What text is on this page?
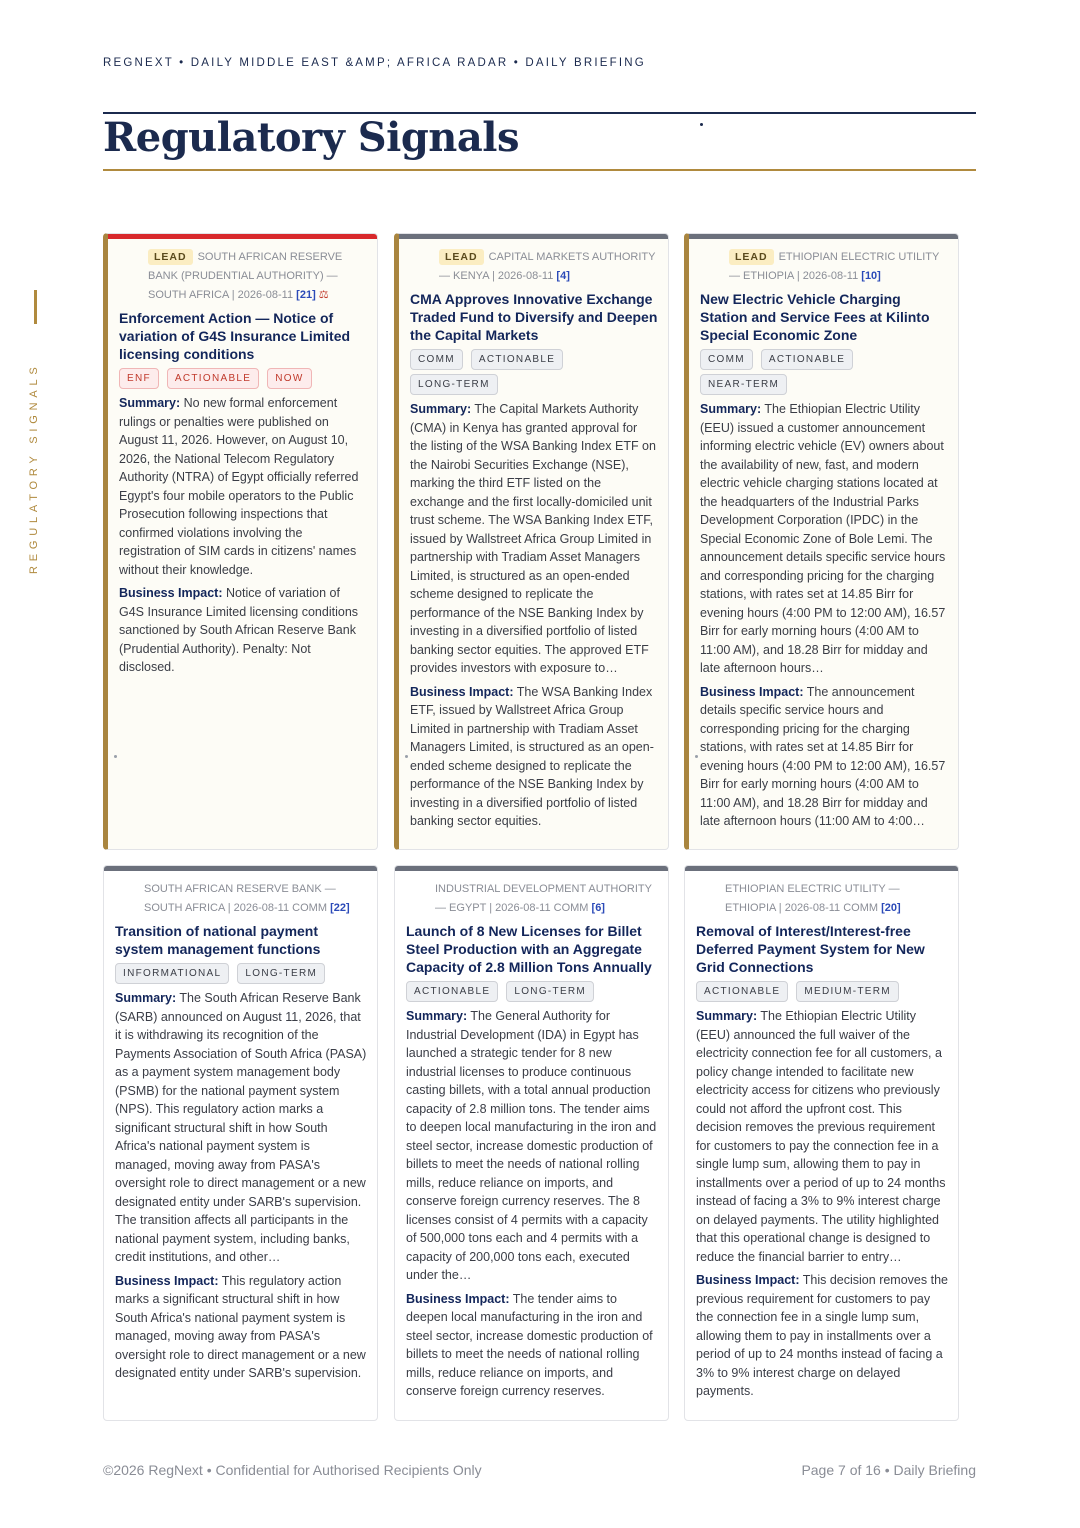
REGNEXT • DAILY MIDDLE EAST &AMP; AFRICA RADAR • DAILY BRIEFING
Regulatory Signals
REGULATORY SIGNALS
LEAD SOUTH AFRICAN RESERVE BANK (PRUDENTIAL AUTHORITY) — SOUTH AFRICA | 2026-08-11 [21] ⚖
Enforcement Action — Notice of variation of G4S Insurance Limited licensing conditions
ENF	ACTIONABLE	NOW
Summary: No new formal enforcement rulings or penalties were published on August 11, 2026. However, on August 10, 2026, the National Telecom Regulatory Authority (NTRA) of Egypt officially referred Egypt's four mobile operators to the Public Prosecution following inspections that confirmed violations involving the registration of SIM cards in citizens' names without their knowledge.
Business Impact: Notice of variation of G4S Insurance Limited licensing conditions sanctioned by South African Reserve Bank (Prudential Authority). Penalty: Not disclosed.
LEAD CAPITAL MARKETS AUTHORITY — KENYA | 2026-08-11 [4]
CMA Approves Innovative Exchange Traded Fund to Diversify and Deepen the Capital Markets
COMM	ACTIONABLE
LONG-TERM
Summary: The Capital Markets Authority (CMA) in Kenya has granted approval for the listing of the WSA Banking Index ETF on the Nairobi Securities Exchange (NSE), marking the third ETF listed on the exchange and the first locally-domiciled unit trust scheme. The WSA Banking Index ETF, issued by Wallstreet Africa Group Limited in partnership with Tradiam Asset Managers Limited, is structured as an open-ended scheme designed to replicate the performance of the NSE Banking Index by investing in a diversified portfolio of listed banking sector equities. The approved ETF provides investors with exposure to…
Business Impact: The WSA Banking Index ETF, issued by Wallstreet Africa Group Limited in partnership with Tradiam Asset Managers Limited, is structured as an open-ended scheme designed to replicate the performance of the NSE Banking Index by investing in a diversified portfolio of listed banking sector equities.
LEAD ETHIOPIAN ELECTRIC UTILITY — ETHIOPIA | 2026-08-11 [10]
New Electric Vehicle Charging Station and Service Fees at Kilinto Special Economic Zone
COMM	ACTIONABLE
NEAR-TERM
Summary: The Ethiopian Electric Utility (EEU) issued a customer announcement informing electric vehicle (EV) owners about the availability of new, fast, and modern electric vehicle charging stations located at the headquarters of the Industrial Parks Development Corporation (IPDC) in the Special Economic Zone of Bole Lemi. The announcement details specific service hours and corresponding pricing for the charging stations, with rates set at 14.85 Birr for evening hours (4:00 PM to 12:00 AM), 16.57 Birr for early morning hours (4:00 AM to 11:00 AM), and 18.28 Birr for midday and late afternoon hours…
Business Impact: The announcement details specific service hours and corresponding pricing for the charging stations, with rates set at 14.85 Birr for evening hours (4:00 PM to 12:00 AM), 16.57 Birr for early morning hours (4:00 AM to 11:00 AM), and 18.28 Birr for midday and late afternoon hours (11:00 AM to 4:00…
SOUTH AFRICAN RESERVE BANK — SOUTH AFRICA | 2026-08-11 COMM [22]
Transition of national payment system management functions
INFORMATIONAL	LONG-TERM
Summary: The South African Reserve Bank (SARB) announced on August 11, 2026, that it is withdrawing its recognition of the Payments Association of South Africa (PASA) as a payment system management body (PSMB) for the national payment system (NPS). This regulatory action marks a significant structural shift in how South Africa's national payment system is managed, moving away from PASA's oversight role to direct management or a new designated entity under SARB's supervision. The transition affects all participants in the national payment system, including banks, credit institutions, and other…
Business Impact: This regulatory action marks a significant structural shift in how South Africa's national payment system is managed, moving away from PASA's oversight role to direct management or a new designated entity under SARB's supervision.
INDUSTRIAL DEVELOPMENT AUTHORITY — EGYPT | 2026-08-11 COMM [6]
Launch of 8 New Licenses for Billet Steel Production with an Aggregate Capacity of 2.8 Million Tons Annually
ACTIONABLE	LONG-TERM
Summary: The General Authority for Industrial Development (IDA) in Egypt has launched a strategic tender for 8 new industrial licenses to produce continuous casting billets, with a total annual production capacity of 2.8 million tons. The tender aims to deepen local manufacturing in the iron and steel sector, increase domestic production of billets to meet the needs of national rolling mills, reduce reliance on imports, and conserve foreign currency reserves. The 8 licenses consist of 4 permits with a capacity of 500,000 tons each and 4 permits with a capacity of 200,000 tons each, executed under the…
Business Impact: The tender aims to deepen local manufacturing in the iron and steel sector, increase domestic production of billets to meet the needs of national rolling mills, reduce reliance on imports, and conserve foreign currency reserves.
ETHIOPIAN ELECTRIC UTILITY — ETHIOPIA | 2026-08-11 COMM [20]
Removal of Interest/Interest-free Deferred Payment System for New Grid Connections
ACTIONABLE	MEDIUM-TERM
Summary: The Ethiopian Electric Utility (EEU) announced the full waiver of the electricity connection fee for all customers, a policy change intended to facilitate new electricity access for citizens who previously could not afford the upfront cost. This decision removes the previous requirement for customers to pay the connection fee in a single lump sum, allowing them to pay in installments over a period of up to 24 months instead of facing a 3% to 9% interest charge on delayed payments. The utility highlighted that this operational change is designed to reduce the financial barrier to entry…
Business Impact: This decision removes the previous requirement for customers to pay the connection fee in a single lump sum, allowing them to pay in installments over a period of up to 24 months instead of facing a 3% to 9% interest charge on delayed payments.
©2026 RegNext • Confidential for Authorised Recipients Only	Page 7 of 16 • Daily Briefing
